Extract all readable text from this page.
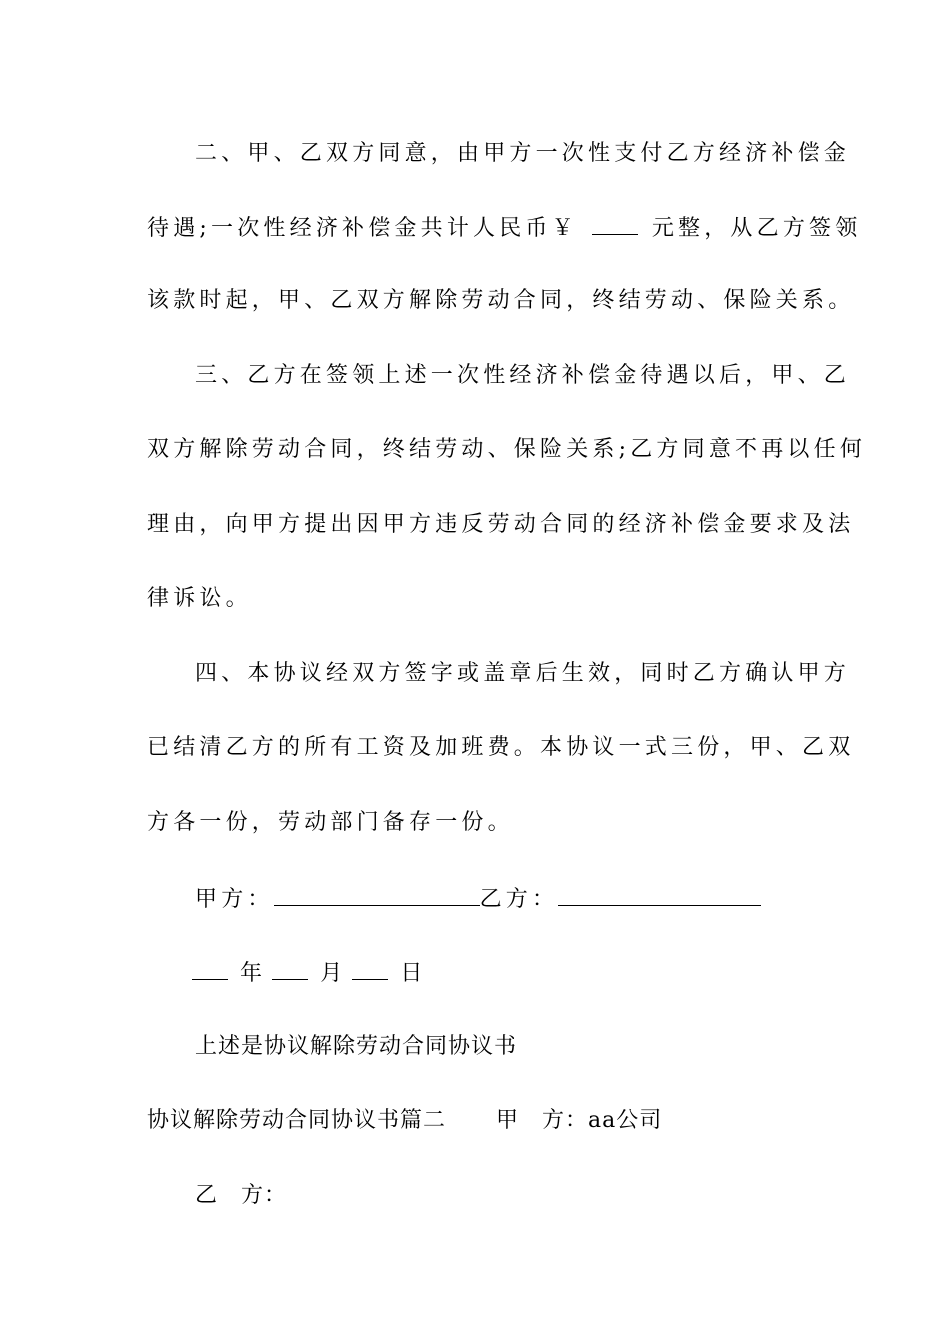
二、甲、乙双方同意，由甲方一次性支付乙方经济补偿金
待遇;一次性经济补偿金共计人民币￥	元整，从乙方签领
该款时起，甲、乙双方解除劳动合同，终结劳动、保险关系。
三、乙方在签领上述一次性经济补偿金待遇以后，甲、乙
双方解除劳动合同，终结劳动、保险关系;乙方同意不再以任何
理由，向甲方提出因甲方违反劳动合同的经济补偿金要求及法
律诉讼。
四、本协议经双方签字或盖章后生效，同时乙方确认甲方
已结清乙方的所有工资及加班费。本协议一式三份，甲、乙双
方各一份，劳动部门备存一份。
甲方：	乙方：
年 月 日
上述是协议解除劳动合同协议书
协议解除劳动合同协议书篇二 甲　方：aa公司
乙　方：
